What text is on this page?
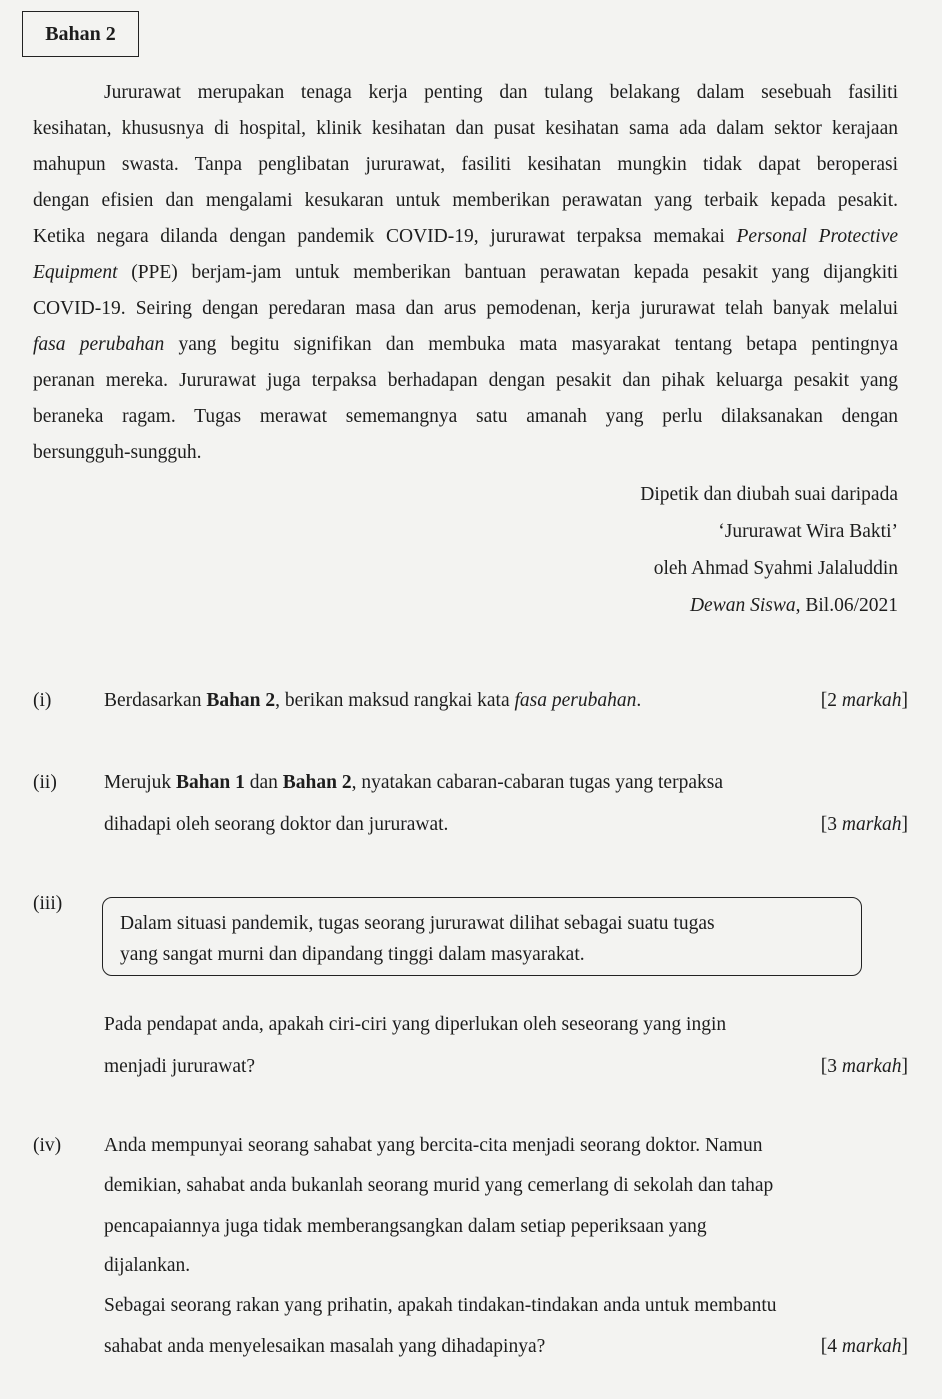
Bahan 2
Jururawat merupakan tenaga kerja penting dan tulang belakang dalam sesebuah fasiliti
kesihatan, khususnya di hospital, klinik kesihatan dan pusat kesihatan sama ada dalam sektor kerajaan
mahupun swasta. Tanpa penglibatan jururawat, fasiliti kesihatan mungkin tidak dapat beroperasi
dengan efisien dan mengalami kesukaran untuk memberikan perawatan yang terbaik kepada pesakit.
Ketika negara dilanda dengan pandemik COVID-19, jururawat terpaksa memakai Personal Protective
Equipment (PPE) berjam-jam untuk memberikan bantuan perawatan kepada pesakit yang dijangkiti
COVID-19. Seiring dengan peredaran masa dan arus pemodenan, kerja jururawat telah banyak melalui
fasa perubahan yang begitu signifikan dan membuka mata masyarakat tentang betapa pentingnya
peranan mereka. Jururawat juga terpaksa berhadapan dengan pesakit dan pihak keluarga pesakit yang
beraneka ragam. Tugas merawat sememangnya satu amanah yang perlu dilaksanakan dengan
bersungguh-sungguh.
Dipetik dan diubah suai daripada
‘Jururawat Wira Bakti’
oleh Ahmad Syahmi Jalaluddin
Dewan Siswa, Bil.06/2021
(i)	Berdasarkan Bahan 2, berikan maksud rangkai kata fasa perubahan.	[2 markah]
(ii) Merujuk Bahan 1 dan Bahan 2, nyatakan cabaran-cabaran tugas yang terpaksa
dihadapi oleh seorang doktor dan jururawat.	[3 markah]
(iii)
Dalam situasi pandemik, tugas seorang jururawat dilihat sebagai suatu tugas
yang sangat murni dan dipandang tinggi dalam masyarakat.
Pada pendapat anda, apakah ciri-ciri yang diperlukan oleh seseorang yang ingin
menjadi jururawat?	[3 markah]
(iv) Anda mempunyai seorang sahabat yang bercita-cita menjadi seorang doktor. Namun
demikian, sahabat anda bukanlah seorang murid yang cemerlang di sekolah dan tahap
pencapaiannya juga tidak memberangsangkan dalam setiap peperiksaan yang
dijalankan.
Sebagai seorang rakan yang prihatin, apakah tindakan-tindakan anda untuk membantu
sahabat anda menyelesaikan masalah yang dihadapinya?	[4 markah]
